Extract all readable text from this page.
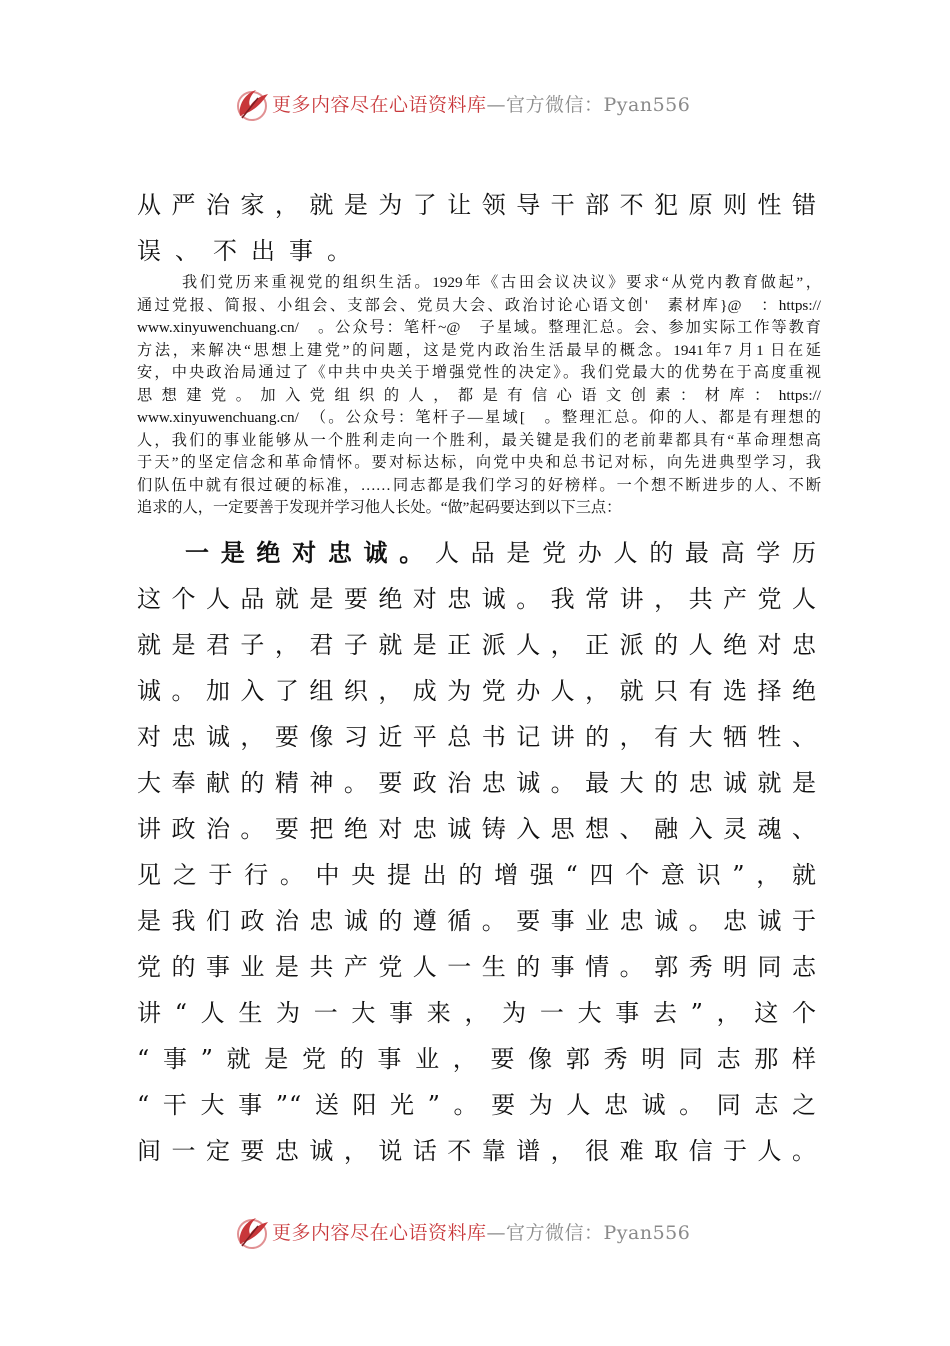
更多内容尽在心语资料库—官方微信：Pyan556
从严治家，就是为了让领导干部不犯原则性错
误、不出事。
我们党历来重视党的组织生活。1929年《古田会议决议》要求“从党内教育做起”，
通过党报、简报、小组会、支部会、党员大会、政治讨论心语文创'　素材库}@　：https://
www.xinyuwenchuang.cn/　。公众号：笔杆~@　子星域。整理汇总。会、参加实际工作等教育
方法，来解决“思想上建党”的问题，这是党内政治生活最早的概念。1941年7 月1 日在延
安，中央政治局通过了《中共中央关于增强党性的决定》。我们党最大的优势在于高度重视
思想建党。加入党组织的人，都是有信心语文创素：材库：https://
www.xinyuwenchuang.cn/　（。公众号：笔杆子—星域[　。整理汇总。仰的人、都是有理想的
人，我们的事业能够从一个胜利走向一个胜利，最关键是我们的老前辈都具有“革命理想高
于天”的坚定信念和革命情怀。要对标达标，向党中央和总书记对标，向先进典型学习，我
们队伍中就有很过硬的标准，……同志都是我们学习的好榜样。一个想不断进步的人、不断
追求的人，一定要善于发现并学习他人长处。“做”起码要达到以下三点：
一是绝对忠诚。人品是党办人的最高学历
这个人品就是要绝对忠诚。我常讲，共产党人
就是君子，君子就是正派人，正派的人绝对忠
诚。加入了组织，成为党办人，就只有选择绝
对忠诚，要像习近平总书记讲的，有大牺牲、
大奉献的精神。要政治忠诚。最大的忠诚就是
讲政治。要把绝对忠诚铸入思想、融入灵魂、
见之于行。中央提出的增强“四个意识”，就
是我们政治忠诚的遵循。要事业忠诚。忠诚于
党的事业是共产党人一生的事情。郭秀明同志
讲“人生为一大事来，为一大事去”，这个
“事”就是党的事业，要像郭秀明同志那样
“干大事”“送阳光”。要为人忠诚。同志之
间一定要忠诚，说话不靠谱，很难取信于人。
更多内容尽在心语资料库—官方微信：Pyan556
